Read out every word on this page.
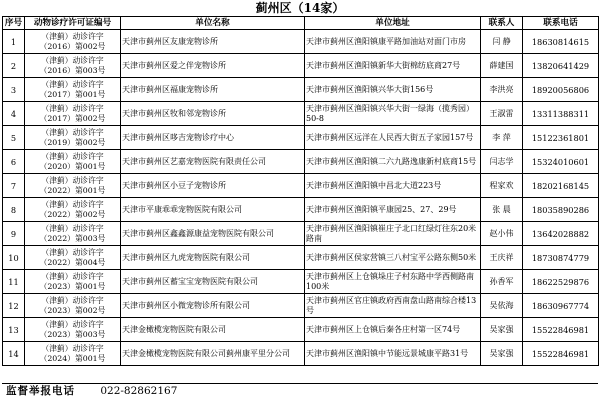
蓟州区（14家）
序号	动物诊疗许可证编号	单位名称	单位地址	联系人	联系电话
1	（津蓟）动诊许字
（2016）第002号	天津市蓟州区友康宠物诊所	天津市蓟州区渔阳镇康平路加油站对面门市房	闫 静	18630814615
2	（津蓟）动诊许字
（2016）第003号	天津市蓟州区爱之伴宠物诊所	天津市蓟州区渔阳镇新华大街棉纺底商27号	薛建国	13820641429
3	（津蓟）动诊许字
（2017）第001号	天津市蓟州区福康宠物诊所	天津市蓟州区渔阳镇兴华大街156号	李洪亮	18920056806
4	（津蓟）动诊许字
（2017）第002号	天津市蓟州区牧和邻宠物诊所	天津市蓟州区渔阳镇兴华大街一绿海（揽秀园）50-8	王淑雷	13311388311
5	（津蓟）动诊许字
（2019）第002号	天津市蓟州区哆吉宠物诊疗中心	天津市蓟州区远洋在人民西大街五子家园157号	李 萍	15122361801
6	（津蓟）动诊许字
（2020）第001号	天津市蓟州区艺嘉宠物医院有限责任公司	天津市蓟州区渔阳镇二六九路逸康新村底商15号	闫志学	15324010601
7	（津蓟）动诊许字
（2022）第001号	天津市蓟州区小豆子宠物诊所	天津市蓟州区渔阳镇中昌北大道223号	程家欢	18202168145
8	（津蓟）动诊许字
（2022）第002号	天津市平康乖乖宠物医院有限公司	天津市蓟州区渔阳镇平康园25、27、29号	张 晨	18035890286
9	（津蓟）动诊许字
（2022）第003号	天津市蓟州区鑫鑫源康益宠物医院有限公司	天津市蓟州区渔阳镇崔庄子北口红绿灯往东20米路南	赵小伟	13642028882
10	（津蓟）动诊许字
（2022）第004号	天津市蓟州区九虎宠物医院有限公司	天津市蓟州区侯家营镇三八村宝平公路东侧50米	王庆祥	18730874779
11	（津蓟）动诊许字
（2023）第001号	天津市蓟州区蓄宝宝宠物医院有限公司	天津市蓟州区上仓镇垛庄子村东路中学西侧路南100米	孙香军	18622529876
12	（津蓟）动诊许字
（2023）第002号	天津市蓟州区小微宠物诊所有限公司	天津市蓟州区官庄镇政府西南盘山路南综合楼13号	吴依海	18630967774
13	（津蓟）动诊许字
（2023）第003号	天津金橄榄宠物医院有限公司	天津市蓟州区上仓镇后秦各庄村第一区74号	吴家强	15522846981
14	（津蓟）动诊许字
（2024）第001号	天津金橄榄宠物医院有限公司蓟州康平里分公司	天津市蓟州区渔阳镇中节能远景城康平路31号	吴家强	15522846981
监督举报电话 022-82862167
